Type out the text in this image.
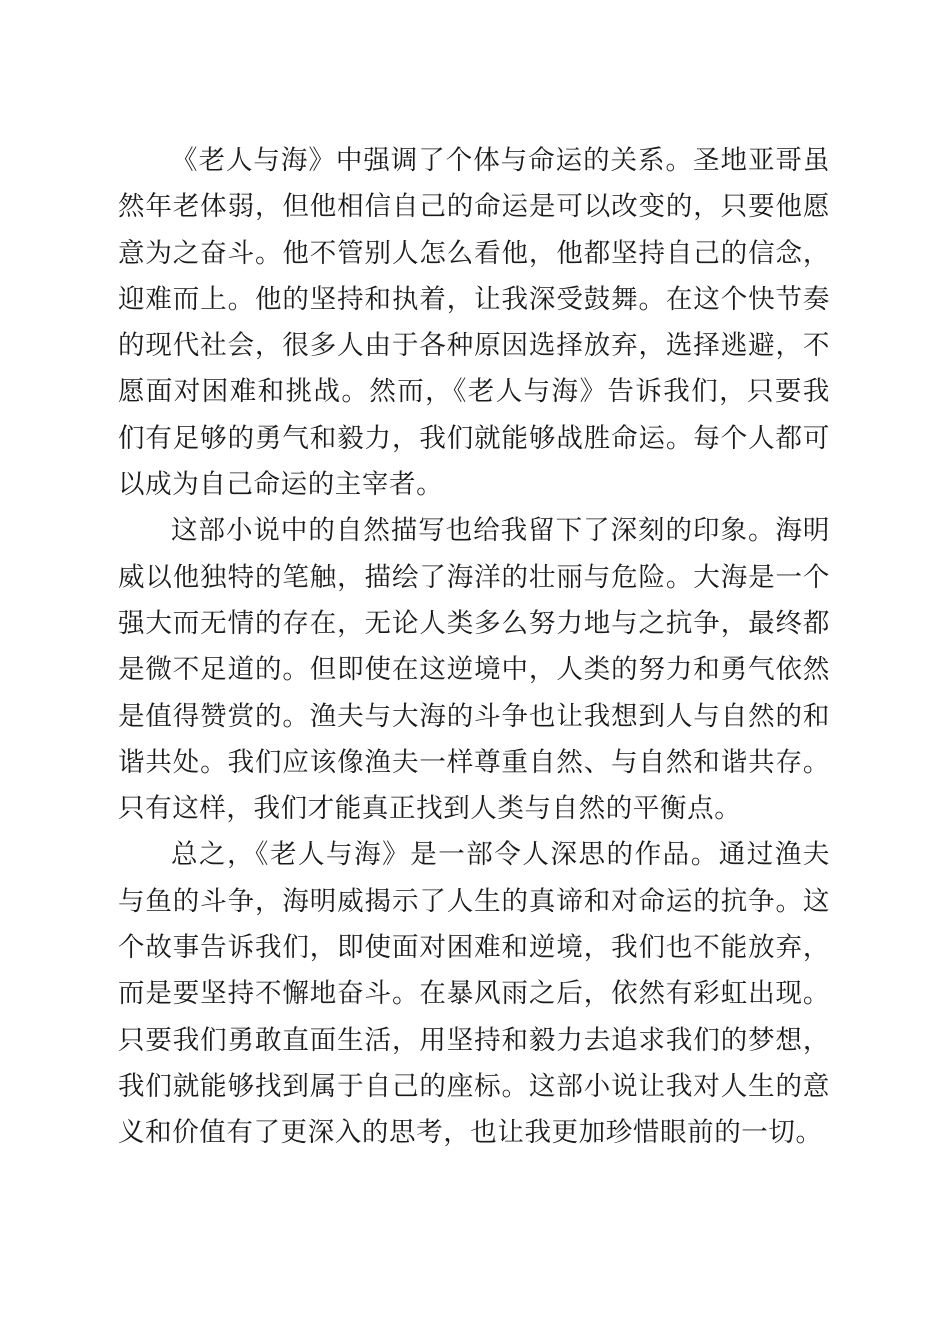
《老人与海》中强调了个体与命运的关系。圣地亚哥虽然年老体弱，但他相信自己的命运是可以改变的，只要他愿意为之奋斗。他不管别人怎么看他，他都坚持自己的信念，迎难而上。他的坚持和执着，让我深受鼓舞。在这个快节奏的现代社会，很多人由于各种原因选择放弃，选择逃避，不愿面对困难和挑战。然而，《老人与海》告诉我们，只要我们有足够的勇气和毅力，我们就能够战胜命运。每个人都可以成为自己命运的主宰者。

这部小说中的自然描写也给我留下了深刻的印象。海明威以他独特的笔触，描绘了海洋的壮丽与危险。大海是一个强大而无情的存在，无论人类多么努力地与之抗争，最终都是微不足道的。但即使在这逆境中，人类的努力和勇气依然是值得赞赏的。渔夫与大海的斗争也让我想到人与自然的和谐共处。我们应该像渔夫一样尊重自然、与自然和谐共存。只有这样，我们才能真正找到人类与自然的平衡点。

总之，《老人与海》是一部令人深思的作品。通过渔夫与鱼的斗争，海明威揭示了人生的真谛和对命运的抗争。这个故事告诉我们，即使面对困难和逆境，我们也不能放弃，而是要坚持不懈地奋斗。在暴风雨之后，依然有彩虹出现。只要我们勇敢直面生活，用坚持和毅力去追求我们的梦想，我们就能够找到属于自己的座标。这部小说让我对人生的意义和价值有了更深入的思考，也让我更加珍惜眼前的一切。
